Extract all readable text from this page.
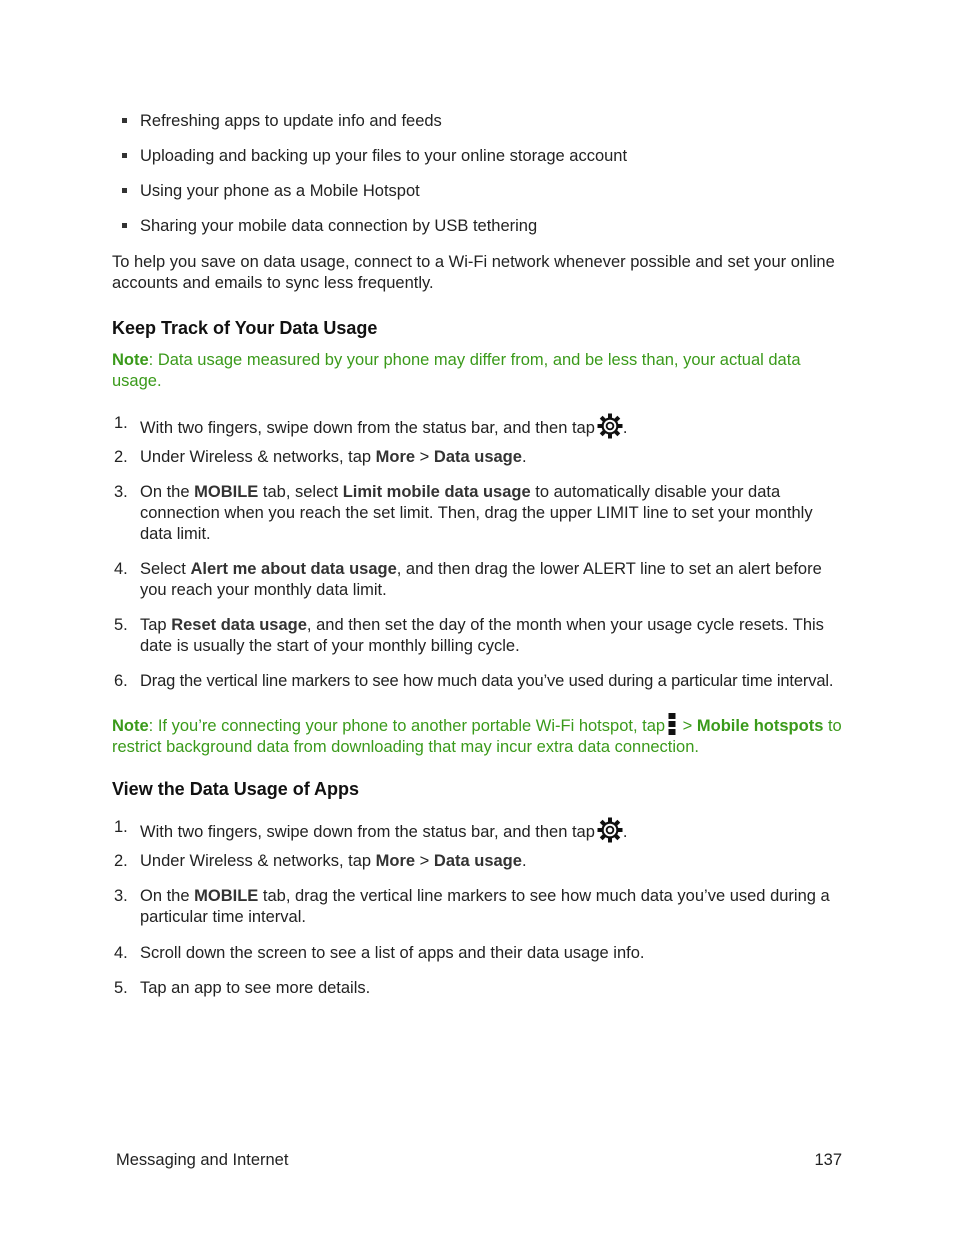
Refreshing apps to update info and feeds
Uploading and backing up your files to your online storage account
Using your phone as a Mobile Hotspot
Sharing your mobile data connection by USB tethering
To help you save on data usage, connect to a Wi-Fi network whenever possible and set your online accounts and emails to sync less frequently.
Keep Track of Your Data Usage
Note: Data usage measured by your phone may differ from, and be less than, your actual data usage.
1. With two fingers, swipe down from the status bar, and then tap .
2. Under Wireless & networks, tap More > Data usage.
3. On the MOBILE tab, select Limit mobile data usage to automatically disable your data connection when you reach the set limit. Then, drag the upper LIMIT line to set your monthly data limit.
4. Select Alert me about data usage, and then drag the lower ALERT line to set an alert before you reach your monthly data limit.
5. Tap Reset data usage, and then set the day of the month when your usage cycle resets. This date is usually the start of your monthly billing cycle.
6. Drag the vertical line markers to see how much data you’ve used during a particular time interval.
Note: If you’re connecting your phone to another portable Wi-Fi hotspot, tap > Mobile hotspots to restrict background data from downloading that may incur extra data connection.
View the Data Usage of Apps
1. With two fingers, swipe down from the status bar, and then tap .
2. Under Wireless & networks, tap More > Data usage.
3. On the MOBILE tab, drag the vertical line markers to see how much data you’ve used during a particular time interval.
4. Scroll down the screen to see a list of apps and their data usage info.
5. Tap an app to see more details.
Messaging and Internet	137
